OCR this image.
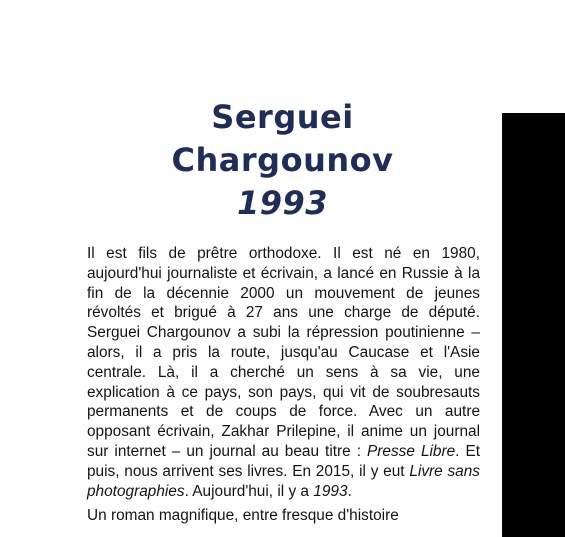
Serguei
Chargounov
1993

Il est fils de prêtre orthodoxe. Il est né en 1980, aujourd'hui journaliste et écrivain, a lancé en Russie à la fin de la décennie 2000 un mouvement de jeunes révoltés et brigué à 27 ans une charge de député. Serguei Chargounov a subi la répression poutinienne – alors, il a pris la route, jusqu'au Caucase et l'Asie centrale. Là, il a cherché un sens à sa vie, une explication à ce pays, son pays, qui vit de soubresauts permanents et de coups de force. Avec un autre opposant écrivain, Zakhar Prilepine, il anime un journal sur internet – un journal au beau titre : Presse Libre. Et puis, nous arrivent ses livres. En 2015, il y eut Livre sans photographies. Aujourd'hui, il y a 1993.

Un roman magnifique, entre fresque d'histoire
